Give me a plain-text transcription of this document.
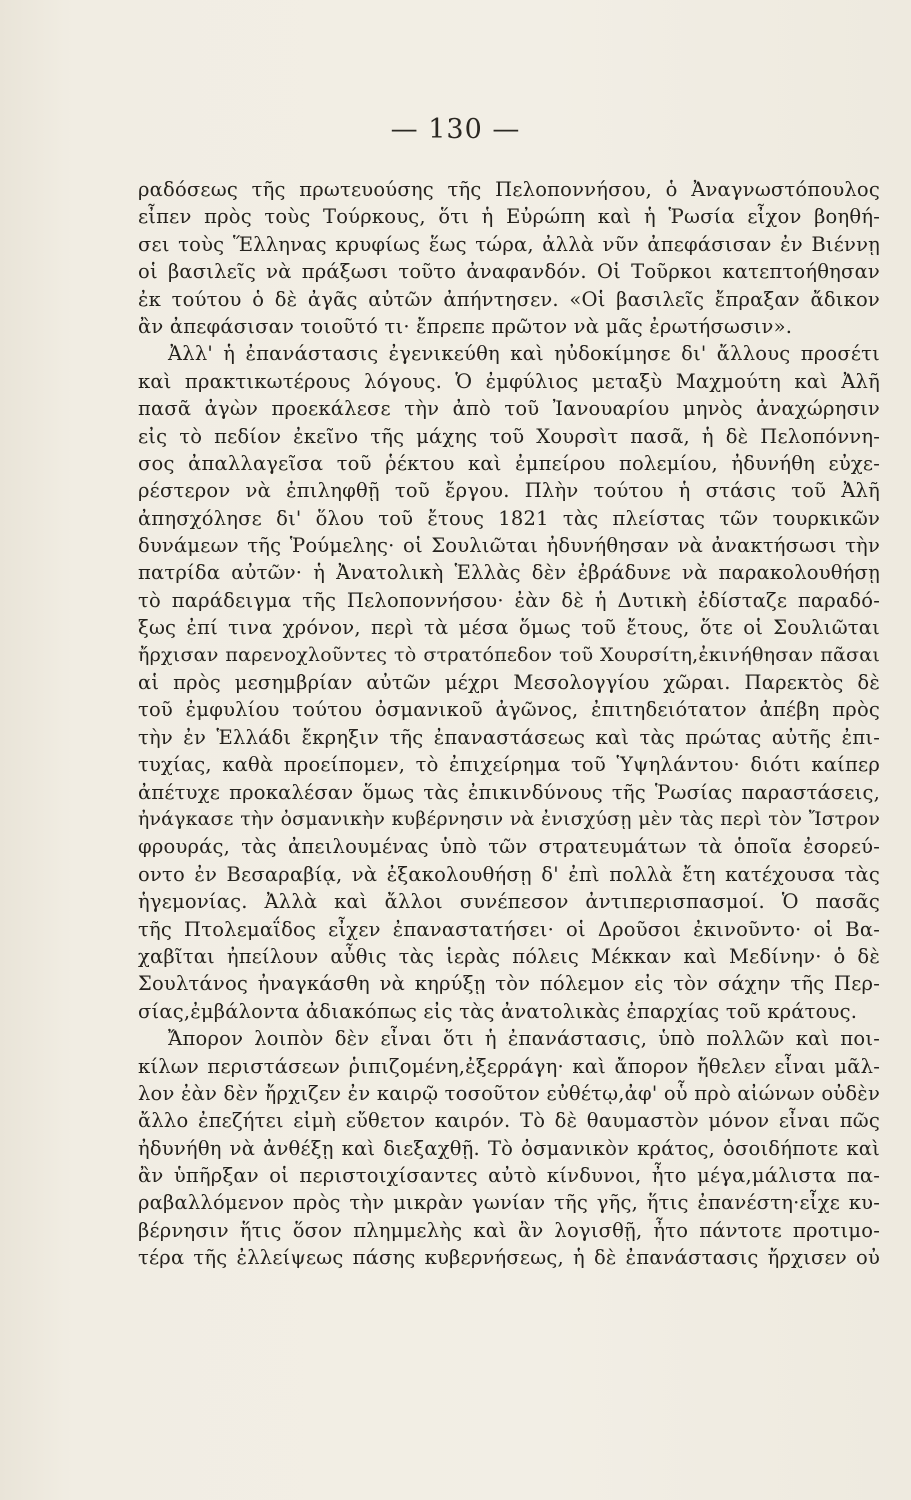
— 130 —
ραδόσεως τῆς πρωτευούσης τῆς Πελοποννήσου, ὁ Ἀναγνωστόπουλος
εἶπεν πρὸς τοὺς Τούρκους, ὅτι ἡ Εὐρώπη καὶ ἡ Ῥωσία εἶχον βοηθή-
σει τοὺς Ἕλληνας κρυφίως ἕως τώρα, ἀλλὰ νῦν ἀπεφάσισαν ἐν Βιέννῃ
οἱ βασιλεῖς νὰ πράξωσι τοῦτο ἀναφανδόν. Οἱ Τοῦρκοι κατεπτοήθησαν
ἐκ τούτου ὁ δὲ ἀγᾶς αὐτῶν ἀπήντησεν. «Οἱ βασιλεῖς ἔπραξαν ἄδικον
ἂν ἀπεφάσισαν τοιοῦτό τι· ἔπρεπε πρῶτον νὰ μᾶς ἐρωτήσωσιν».
Ἀλλ' ἡ ἐπανάστασις ἐγενικεύθη καὶ ηὐδοκίμησε δι' ἄλλους προσέτι
καὶ πρακτικωτέρους λόγους. Ὁ ἐμφύλιος μεταξὺ Μαχμούτη καὶ Ἀλῆ
πασᾶ ἀγὼν προεκάλεσε τὴν ἀπὸ τοῦ Ἰανουαρίου μηνὸς ἀναχώρησιν
εἰς τὸ πεδίον ἐκεῖνο τῆς μάχης τοῦ Χουρσὶτ πασᾶ, ἡ δὲ Πελοπόννη-
σος ἀπαλλαγεῖσα τοῦ ῥέκτου καὶ ἐμπείρου πολεμίου, ἠδυνήθη εὐχε-
ρέστερον νὰ ἐπιληφθῇ τοῦ ἔργου. Πλὴν τούτου ἡ στάσις τοῦ Ἀλῆ
ἀπησχόλησε δι' ὅλου τοῦ ἔτους 1821 τὰς πλείστας τῶν τουρκικῶν
δυνάμεων τῆς Ῥούμελης· οἱ Σουλιῶται ἠδυνήθησαν νὰ ἀνακτήσωσι τὴν
πατρίδα αὐτῶν· ἡ Ἀνατολικὴ Ἑλλὰς δὲν ἐβράδυνε νὰ παρακολουθήσῃ
τὸ παράδειγμα τῆς Πελοποννήσου· ἐὰν δὲ ἡ Δυτικὴ ἐδίσταζε παραδό-
ξως ἐπί τινα χρόνον, περὶ τὰ μέσα ὅμως τοῦ ἔτους, ὅτε οἱ Σουλιῶται
ἤρχισαν παρενοχλοῦντες τὸ στρατόπεδον τοῦ Χουρσίτη,ἐκινήθησαν πᾶσαι
αἱ πρὸς μεσημβρίαν αὐτῶν μέχρι Μεσολογγίου χῶραι. Παρεκτὸς δὲ
τοῦ ἐμφυλίου τούτου ὀσμανικοῦ ἀγῶνος, ἐπιτηδειότατον ἀπέβη πρὸς
τὴν ἐν Ἑλλάδι ἔκρηξιν τῆς ἐπαναστάσεως καὶ τὰς πρώτας αὐτῆς ἐπι-
τυχίας, καθὰ προείπομεν, τὸ ἐπιχείρημα τοῦ Ὑψηλάντου· διότι καίπερ
ἀπέτυχε προκαλέσαν ὅμως τὰς ἐπικινδύνους τῆς Ῥωσίας παραστάσεις,
ἠνάγκασε τὴν ὀσμανικὴν κυβέρνησιν νὰ ἐνισχύσῃ μὲν τὰς περὶ τὸν Ἴστρον
φρουράς, τὰς ἀπειλουμένας ὑπὸ τῶν στρατευμάτων τὰ ὁποῖα ἐσορεύ-
οντο ἐν Βεσαραβίᾳ, νὰ ἐξακολουθήσῃ δ' ἐπὶ πολλὰ ἔτη κατέχουσα τὰς
ἡγεμονίας. Ἀλλὰ καὶ ἄλλοι συνέπεσον ἀντιπερισπασμοί. Ὁ πασᾶς
τῆς Πτολεμαΐδος εἶχεν ἐπαναστατήσει· οἱ Δροῦσοι ἐκινοῦντο· οἱ Βα-
χαβῖται ἠπείλουν αὖθις τὰς ἱερὰς πόλεις Μέκκαν καὶ Μεδίνην· ὁ δὲ
Σουλτάνος ἠναγκάσθη νὰ κηρύξῃ τὸν πόλεμον εἰς τὸν σάχην τῆς Περ-
σίας,ἐμβάλοντα ἀδιακόπως εἰς τὰς ἀνατολικὰς ἐπαρχίας τοῦ κράτους.
Ἄπορον λοιπὸν δὲν εἶναι ὅτι ἡ ἐπανάστασις, ὑπὸ πολλῶν καὶ ποι-
κίλων περιστάσεων ῥιπιζομένη,ἐξερράγη· καὶ ἄπορον ἤθελεν εἶναι μᾶλ-
λον ἐὰν δὲν ἤρχιζεν ἐν καιρῷ τοσοῦτον εὐθέτῳ,ἀφ' οὗ πρὸ αἰώνων οὐδὲν
ἄλλο ἐπεζήτει εἰμὴ εὔθετον καιρόν. Τὸ δὲ θαυμαστὸν μόνον εἶναι πῶς
ἠδυνήθη νὰ ἀνθέξῃ καὶ διεξαχθῇ. Τὸ ὀσμανικὸν κράτος, ὁσοιδήποτε καὶ
ἂν ὑπῆρξαν οἱ περιστοιχίσαντες αὐτὸ κίνδυνοι, ἦτο μέγα,μάλιστα πα-
ραβαλλόμενον πρὸς τὴν μικρὰν γωνίαν τῆς γῆς, ἥτις ἐπανέστη·εἶχε κυ-
βέρνησιν ἥτις ὅσον πλημμελὴς καὶ ἂν λογισθῇ, ἦτο πάντοτε προτιμο-
τέρα τῆς ἐλλείψεως πάσης κυβερνήσεως, ἡ δὲ ἐπανάστασις ἤρχισεν οὐ
